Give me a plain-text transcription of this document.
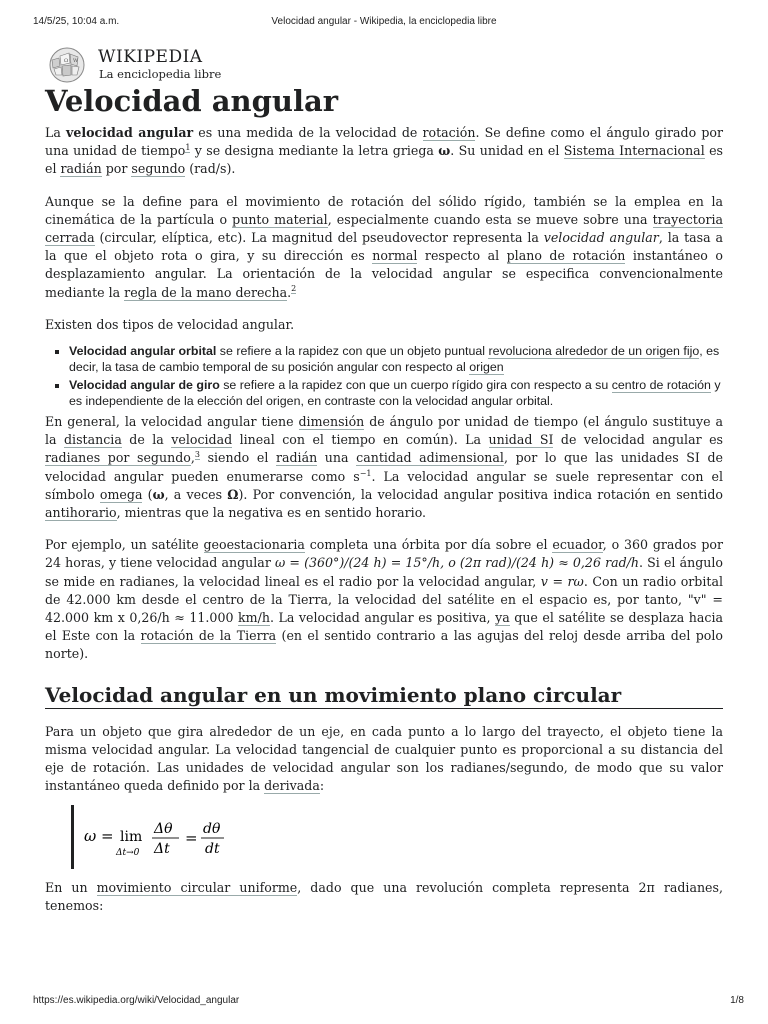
14/5/25, 10:04 a.m.	Velocidad angular - Wikipedia, la enciclopedia libre
Ω W WIKIPEDIA
La enciclopedia libre
Velocidad angular

La velocidad angular es una medida de la velocidad de rotación. Se define como el ángulo girado por una unidad de tiempo$^1$ y se designa mediante la letra griega ω. Su unidad en el Sistema Internacional es el radián por segundo (rad/s).

Aunque se la define para el movimiento de rotación del sólido rígido, también se la emplea en la cinemática de la partícula o punto material, especialmente cuando esta se mueve sobre una trayectoria cerrada (circular, elíptica, etc). La magnitud del pseudovector representa la velocidad angular, la tasa a la que el objeto rota o gira, y su dirección es normal respecto al plano de rotación instantáneo o desplazamiento angular. La orientación de la velocidad angular se especifica convencionalmente mediante la regla de la mano derecha.$^2$

Existen dos tipos de velocidad angular.

▪ Velocidad angular orbital se refiere a la rapidez con que un objeto puntual revoluciona alrededor de un origen fijo, es decir, la tasa de cambio temporal de su posición angular con respecto al origen
▪ Velocidad angular de giro se refiere a la rapidez con que un cuerpo rígido gira con respecto a su centro de rotación y es independiente de la elección del origen, en contraste con la velocidad angular orbital.

En general, la velocidad angular tiene dimensión de ángulo por unidad de tiempo (el ángulo sustituye a la distancia de la velocidad lineal con el tiempo en común). La unidad SI de velocidad angular es radianes por segundo,$^3$ siendo el radián una cantidad adimensional, por lo que las unidades SI de velocidad angular pueden enumerarse como $s^{-1}$. La velocidad angular se suele representar con el símbolo omega (ω, a veces Ω). Por convención, la velocidad angular positiva indica rotación en sentido antihorario, mientras que la negativa es en sentido horario.

Por ejemplo, un satélite geoestacionaria completa una órbita por día sobre el ecuador, o 360 grados por 24 horas, y tiene velocidad angular ω = (360°)/(24 h) = 15°/h, o (2π rad)/(24 h) ≈ 0,26 rad/h. Si el ángulo se mide en radianes, la velocidad lineal es el radio por la velocidad angular, v = rω. Con un radio orbital de 42.000 km desde el centro de la Tierra, la velocidad del satélite en el espacio es, por tanto, "v" = 42.000 km x 0,26/h ≈ 11.000 km/h. La velocidad angular es positiva, ya que el satélite se desplaza hacia el Este con la rotación de la Tierra (en el sentido contrario a las agujas del reloj desde arriba del polo norte).

Velocidad angular en un movimiento plano circular

Para un objeto que gira alrededor de un eje, en cada punto a lo largo del trayecto, el objeto tiene la misma velocidad angular. La velocidad tangencial de cualquier punto es proporcional a su distancia del eje de rotación. Las unidades de velocidad angular son los radianes/segundo, de modo que su valor instantáneo queda definido por la derivada:

ω = lim
Δt→0
Δθ
Δt
= dθ
dt

En un movimiento circular uniforme, dado que una revolución completa representa 2π radianes, tenemos:

https://es.wikipedia.org/wiki/Velocidad_angular	1/8
